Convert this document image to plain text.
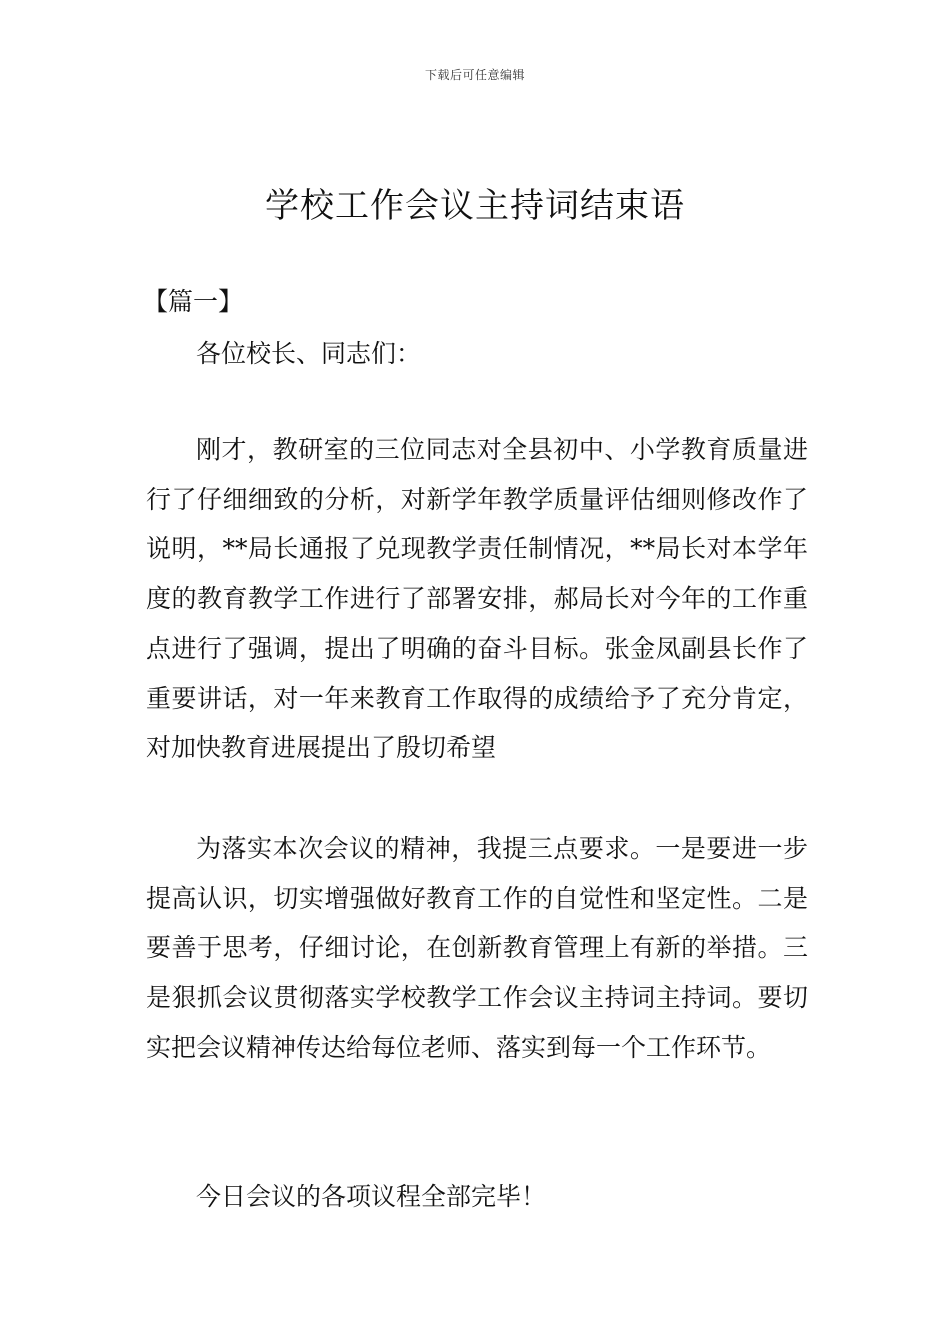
下载后可任意编辑
学校工作会议主持词结束语
【篇一】

各位校长、同志们：

刚才，教研室的三位同志对全县初中、小学教育质量进行了仔细细致的分析，对新学年教学质量评估细则修改作了说明，**局长通报了兑现教学责任制情况，**局长对本学年度的教育教学工作进行了部署安排，郝局长对今年的工作重点进行了强调，提出了明确的奋斗目标。张金凤副县长作了重要讲话，对一年来教育工作取得的成绩给予了充分肯定，对加快教育进展提出了殷切希望

为落实本次会议的精神，我提三点要求。一是要进一步提高认识，切实增强做好教育工作的自觉性和坚定性。二是要善于思考，仔细讨论，在创新教育管理上有新的举措。三是狠抓会议贯彻落实学校教学工作会议主持词主持词。要切实把会议精神传达给每位老师、落实到每一个工作环节。

今日会议的各项议程全部完毕！
